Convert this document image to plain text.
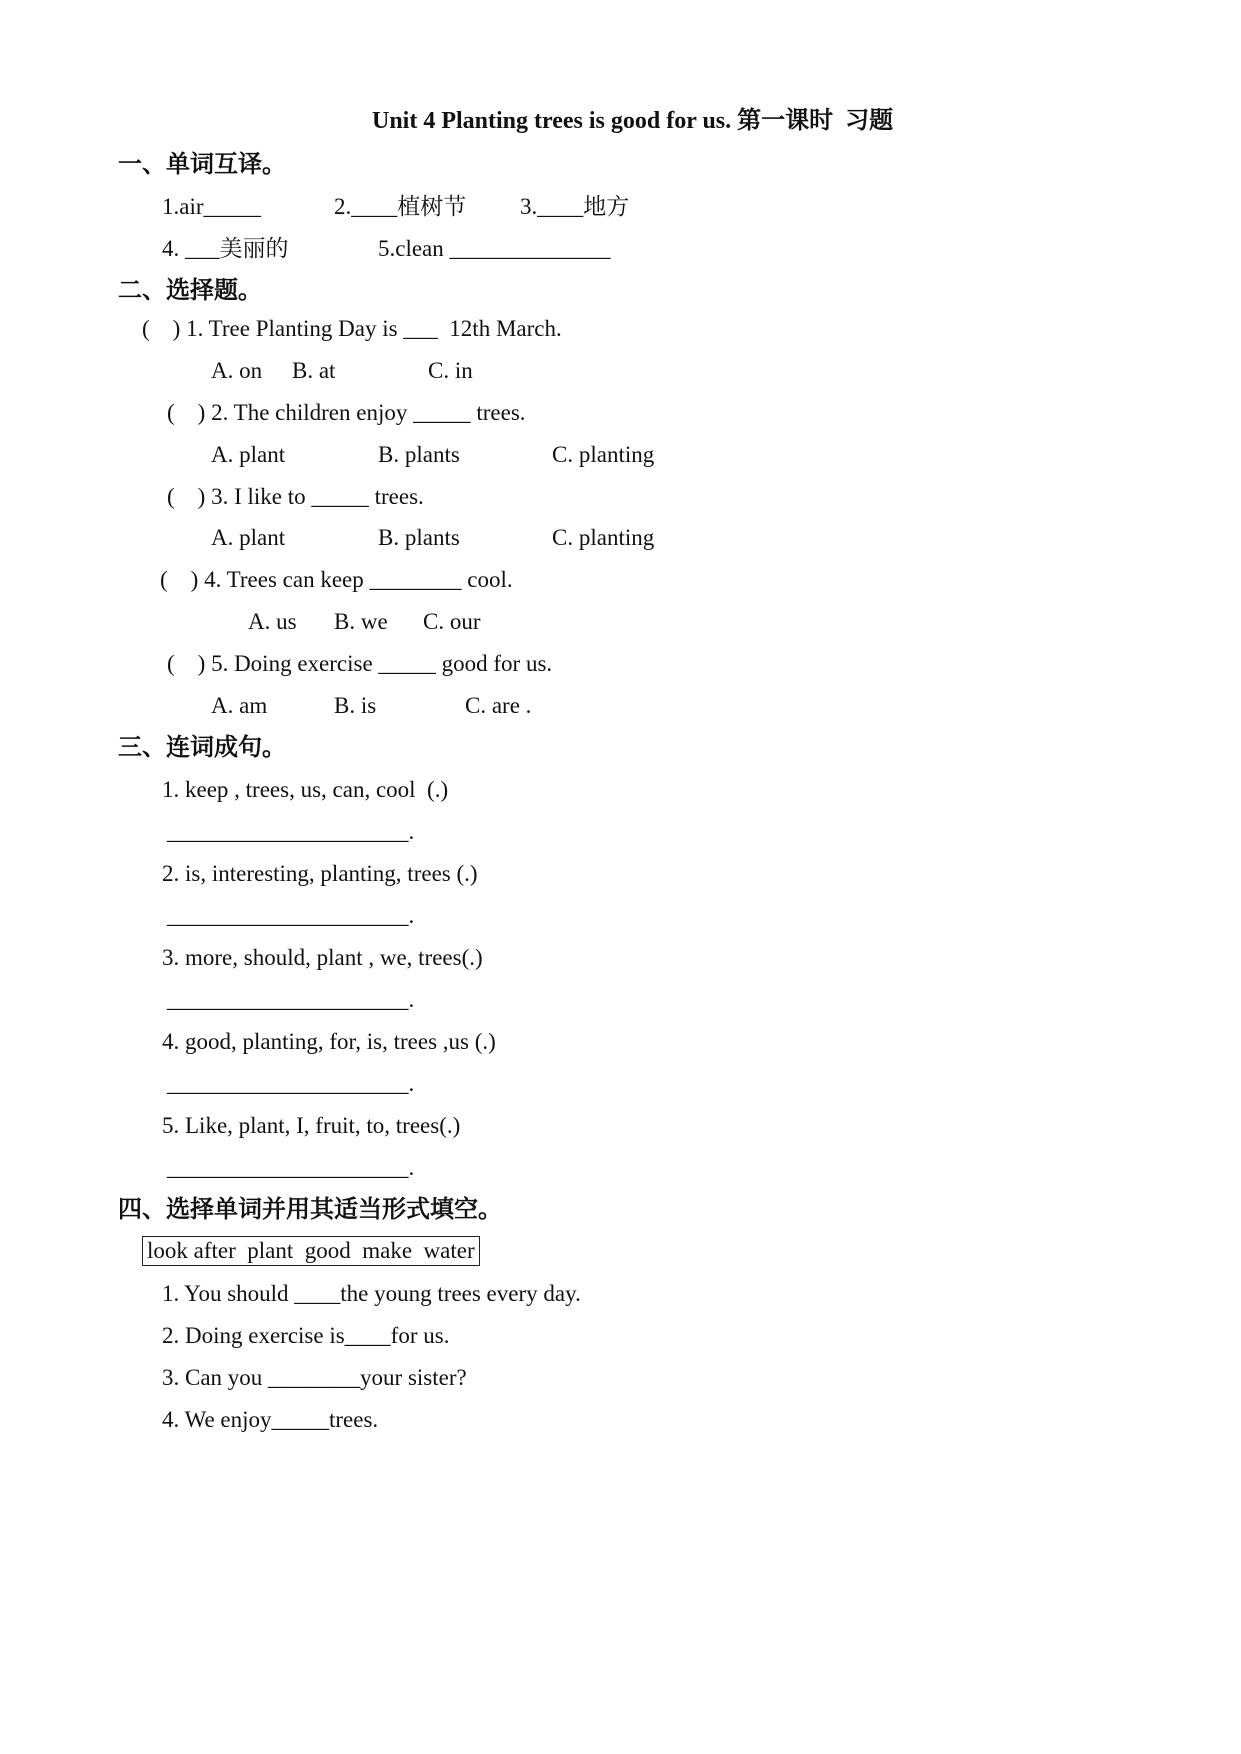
Unit 4 Planting trees is good for us. 第一课时  习题
一、单词互译。
1.air_____	2.____植树节 3.____地方
4. ___美丽的	5.clean ______________
二、选择题。
(    ) 1. Tree Planting Day is ___  12th March.
A. on B. at	C. in
(    ) 2. The children enjoy _____ trees.
A. plant	B. plants	C. planting
(    ) 3. I like to _____ trees.
A. plant	B. plants	C. planting
(    ) 4. Trees can keep ________ cool.
A. us B. we C. our
(    ) 5. Doing exercise _____ good for us.
A. am	B. is	C. are .
三、连词成句。
1. keep , trees, us, can, cool  (.)
_____________________.
2. is, interesting, planting, trees (.)
_____________________.
3. more, should, plant , we, trees(.)
_____________________.
4. good, planting, for, is, trees ,us (.)
_____________________.
5. Like, plant, I, fruit, to, trees(.)
_____________________.
四、选择单词并用其适当形式填空。
look after  plant  good  make  water
1. You should ____the young trees every day.
2. Doing exercise is____for us.
3. Can you ________your sister?
4. We enjoy_____trees.
